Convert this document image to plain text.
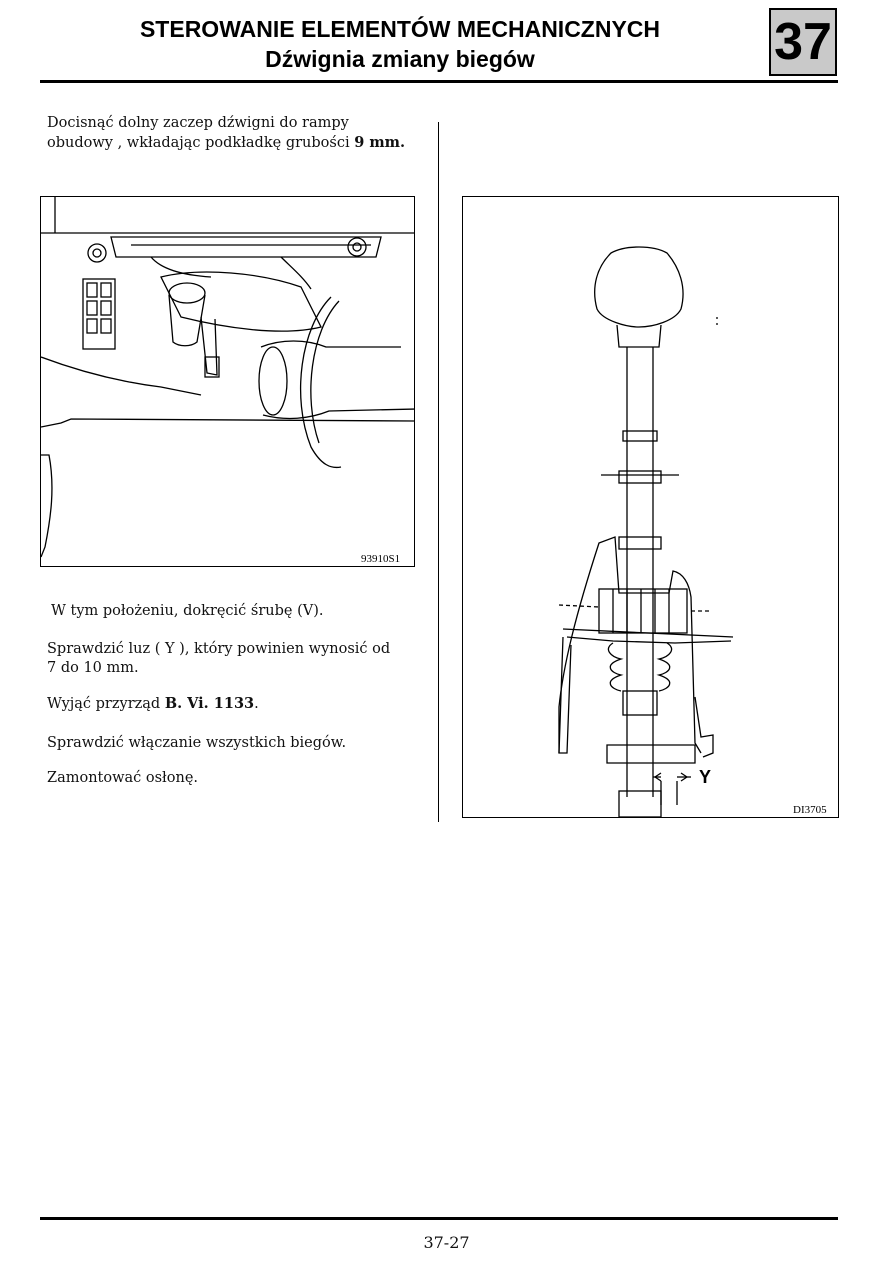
STEROWANIE ELEMENTÓW MECHANICZNYCH
Dźwignia zmiany biegów	37

Docisnąć dolny zaczep dźwigni do rampy obudowy , wkładając podkładkę grubości 9 mm.

93910S1

W tym położeniu, dokręcić śrubę (V).

Sprawdzić luz ( Y ), który powinien wynosić od 7 do 10 mm.

Wyjąć przyrząd B. Vi. 1133.

Sprawdzić włączanie wszystkich biegów.

Zamontować osłonę.	Y
DI3705
37-27
